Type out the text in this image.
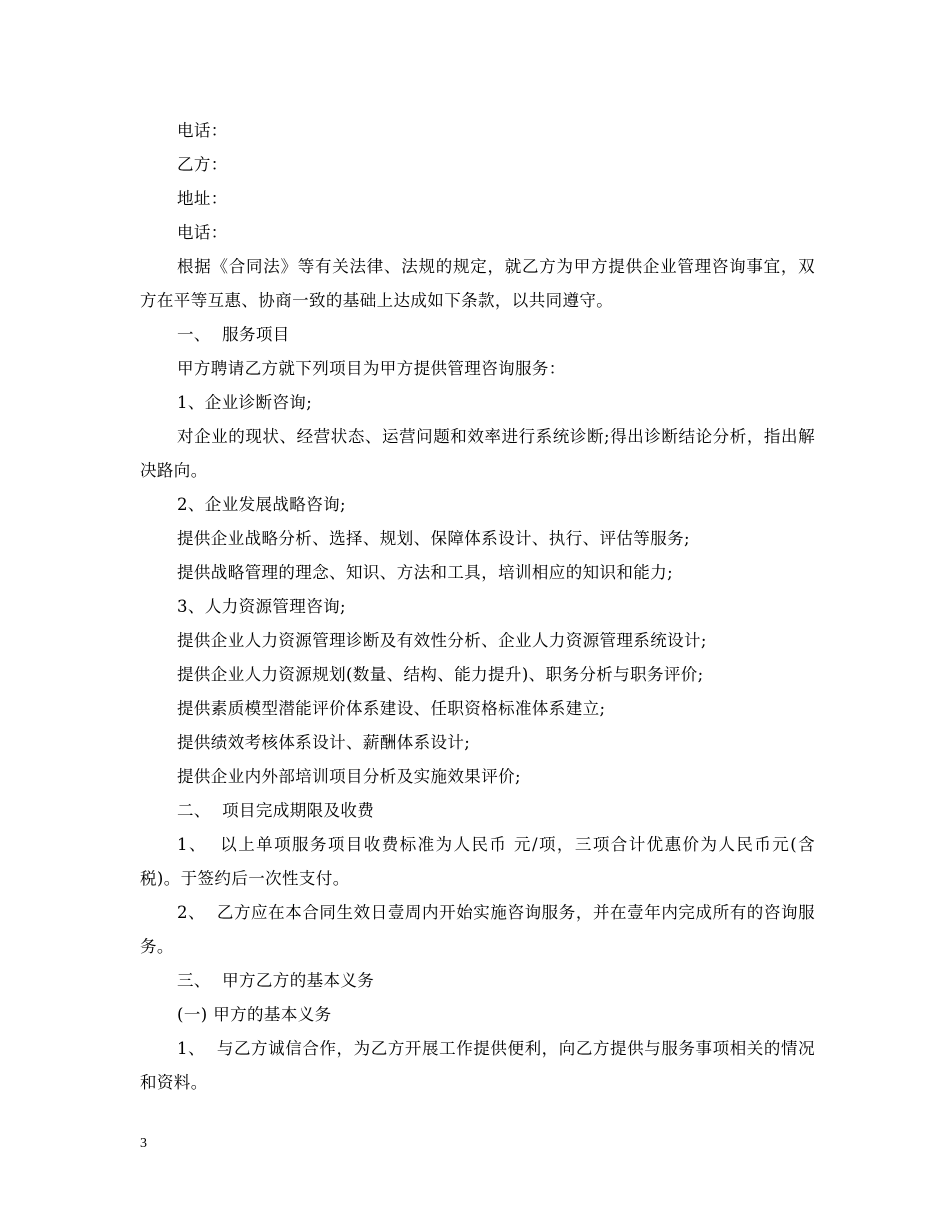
电话：

乙方：

地址：

电话：

根据《合同法》等有关法律、法规的规定，就乙方为甲方提供企业管理咨询事宜，双方在平等互惠、协商一致的基础上达成如下条款，以共同遵守。

一、  服务项目

甲方聘请乙方就下列项目为甲方提供管理咨询服务：

1、企业诊断咨询;

对企业的现状、经营状态、运营问题和效率进行系统诊断;得出诊断结论分析，指出解决路向。

2、企业发展战略咨询;

提供企业战略分析、选择、规划、保障体系设计、执行、评估等服务;

提供战略管理的理念、知识、方法和工具，培训相应的知识和能力;

3、人力资源管理咨询;

提供企业人力资源管理诊断及有效性分析、企业人力资源管理系统设计;

提供企业人力资源规划(数量、结构、能力提升)、职务分析与职务评价;

提供素质模型潜能评价体系建设、任职资格标准体系建立;

提供绩效考核体系设计、薪酬体系设计;

提供企业内外部培训项目分析及实施效果评价;

二、  项目完成期限及收费

1、  以上单项服务项目收费标准为人民币 元/项，三项合计优惠价为人民币元(含税)。于签约后一次性支付。

2、  乙方应在本合同生效日壹周内开始实施咨询服务，并在壹年内完成所有的咨询服务。

三、  甲方乙方的基本义务

(一) 甲方的基本义务

1、  与乙方诚信合作，为乙方开展工作提供便利，向乙方提供与服务事项相关的情况和资料。

3
